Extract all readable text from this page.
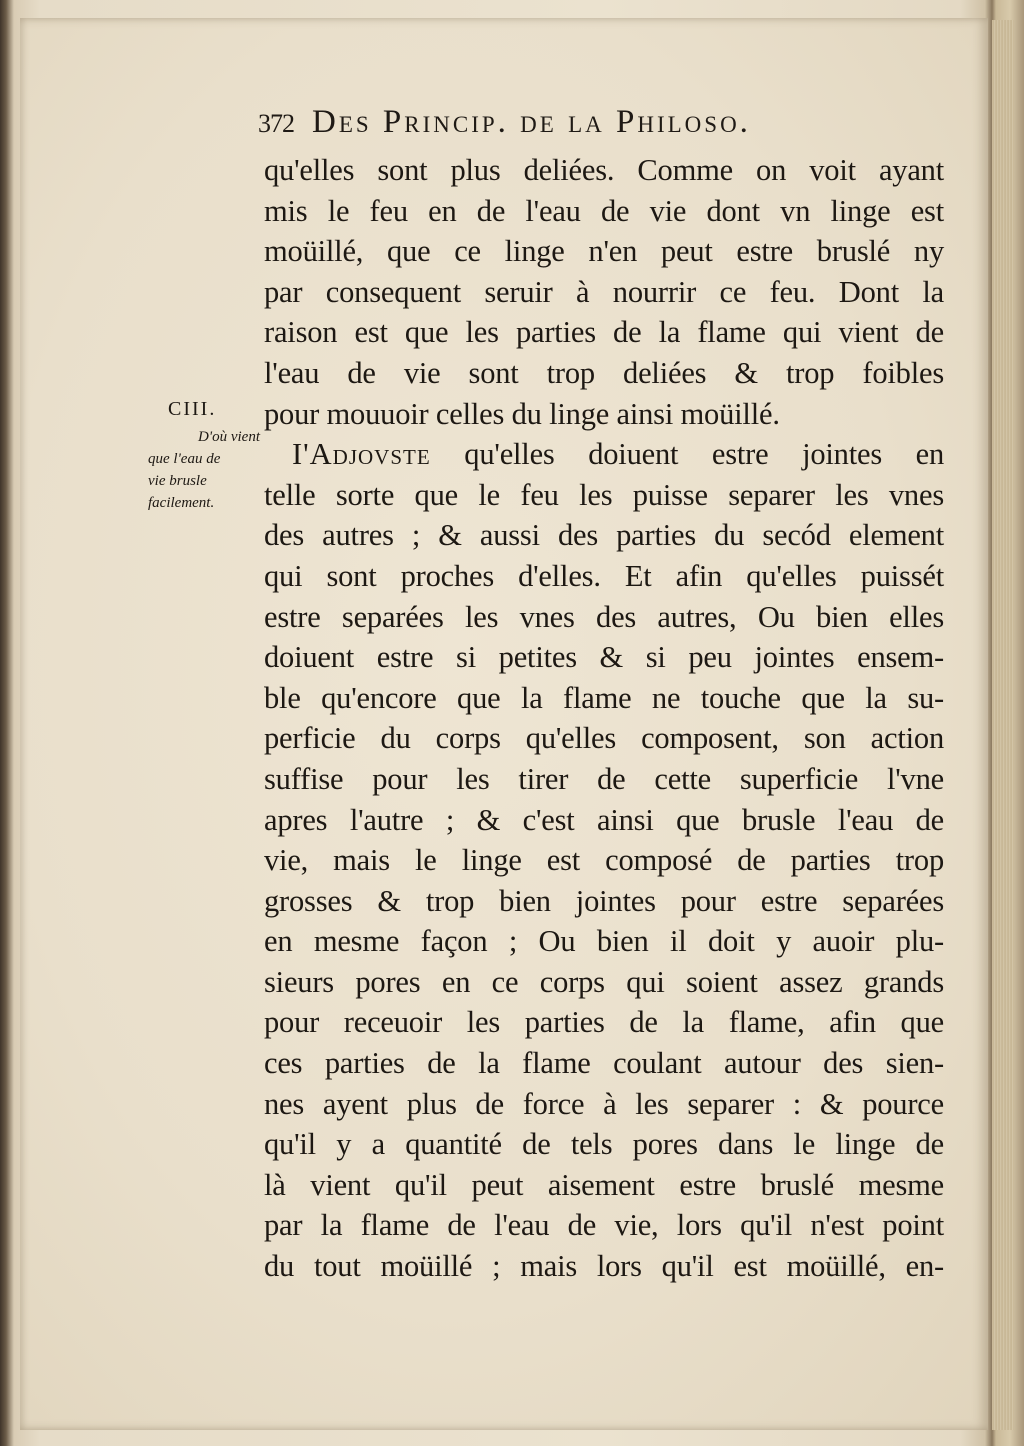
372 Des Princip. de la Philoso.
CIII.
D'où vient
que l'eau de
vie brusle
facilement.
qu'elles sont plus deliées. Comme on voit ayant
mis le feu en de l'eau de vie dont vn linge est
moüillé, que ce linge n'en peut estre bruslé ny
par consequent seruir à nourrir ce feu. Dont la
raison est que les parties de la flame qui vient de
l'eau de vie sont trop deliées & trop foibles
pour mouuoir celles du linge ainsi moüillé.
I'Adjovste qu'elles doiuent estre jointes en
telle sorte que le feu les puisse separer les vnes
des autres ; & aussi des parties du secód element
qui sont proches d'elles. Et afin qu'elles puissét
estre separées les vnes des autres, Ou bien elles
doiuent estre si petites & si peu jointes ensem-
ble qu'encore que la flame ne touche que la su-
perficie du corps qu'elles composent, son action
suffise pour les tirer de cette superficie l'vne
apres l'autre ; & c'est ainsi que brusle l'eau de
vie, mais le linge est composé de parties trop
grosses & trop bien jointes pour estre separées
en mesme façon ; Ou bien il doit y auoir plu-
sieurs pores en ce corps qui soient assez grands
pour receuoir les parties de la flame, afin que
ces parties de la flame coulant autour des sien-
nes ayent plus de force à les separer : & pource
qu'il y a quantité de tels pores dans le linge de
là vient qu'il peut aisement estre bruslé mesme
par la flame de l'eau de vie, lors qu'il n'est point
du tout moüillé ; mais lors qu'il est moüillé, en-
